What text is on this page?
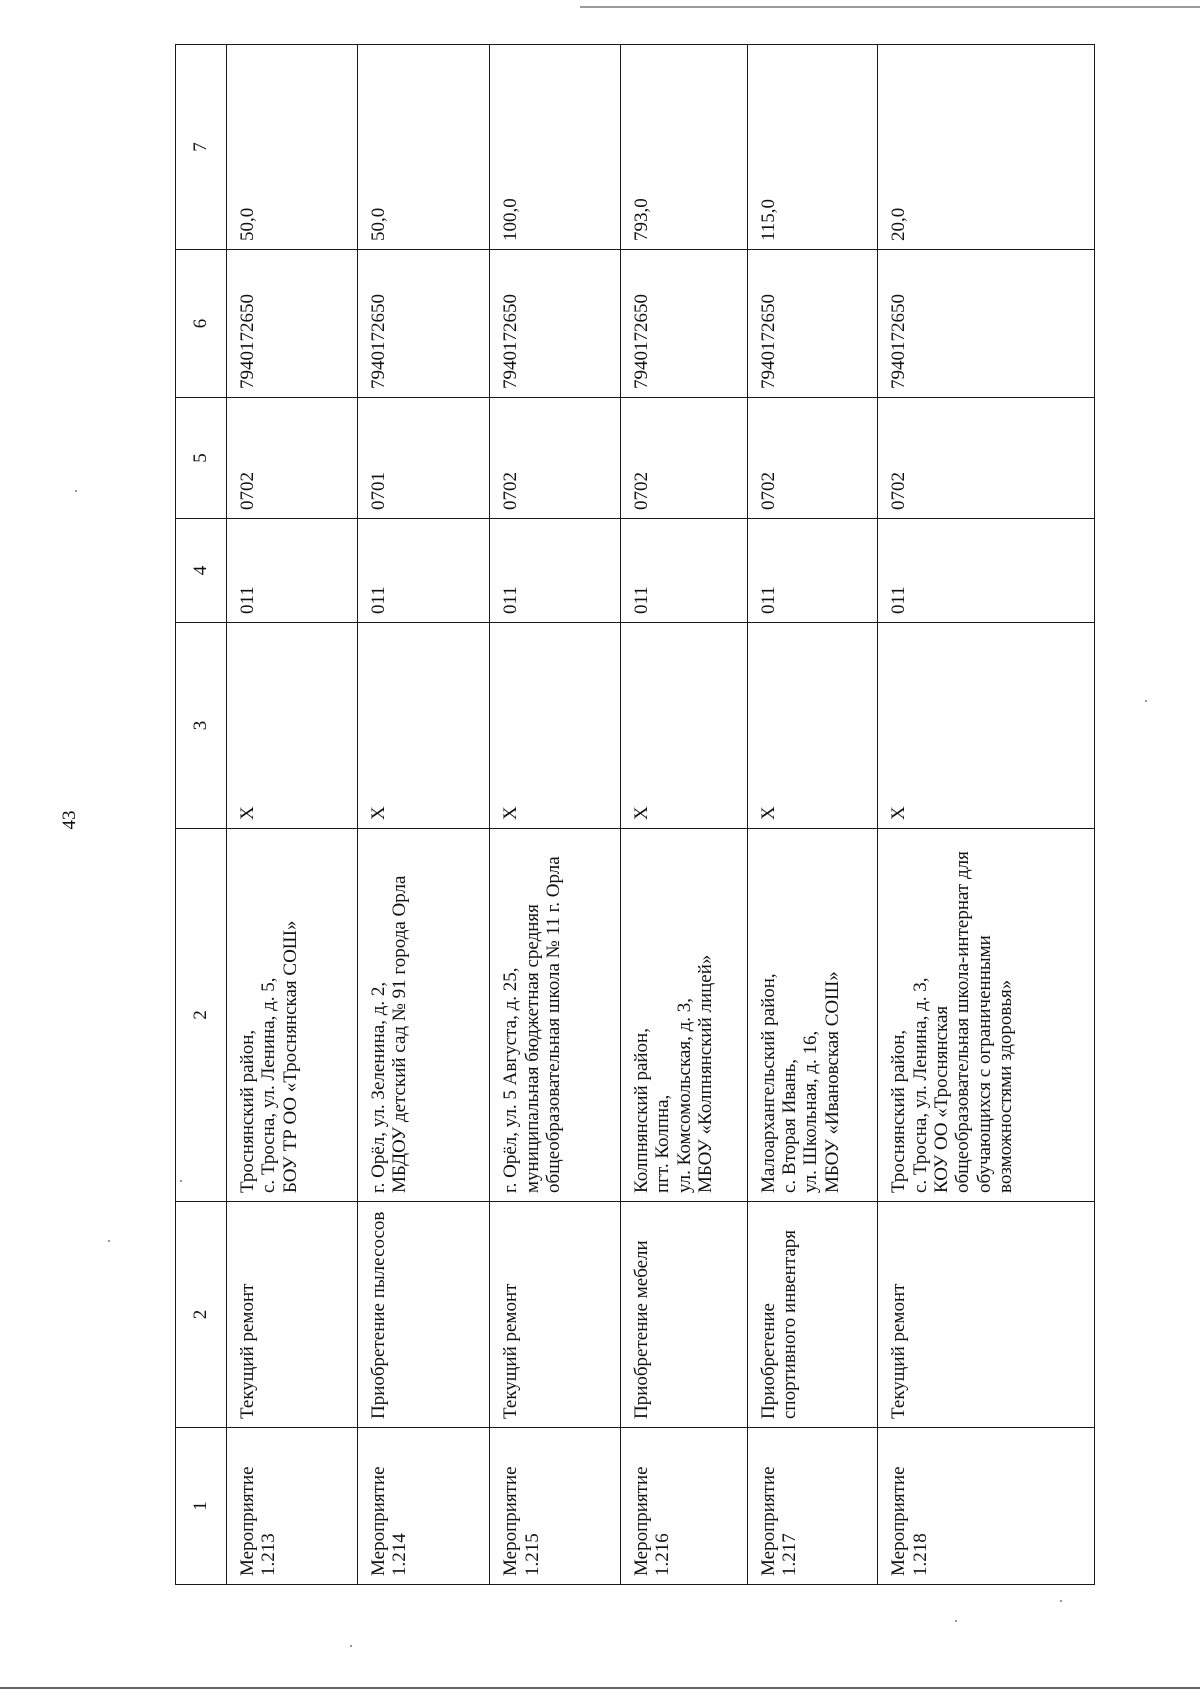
43
1	2	2	3	4	5	6	7
Мероприятие 1.213	Текущий ремонт	Троснянский район,
с. Тросна, ул. Ленина, д. 5,
БОУ ТР ОО «Троснянская СОШ»	Х	011	0702	7940172650	50,0
Мероприятие 1.214	Приобретение пылесосов	г. Орёл, ул. Зеленина, д. 2,
МБДОУ детский сад № 91 города Орла	Х	011	0701	7940172650	50,0
Мероприятие 1.215	Текущий ремонт	г. Орёл, ул. 5 Августа, д. 25,
муниципальная бюджетная средняя общеобразовательная школа № 11 г. Орла	Х	011	0702	7940172650	100,0
Мероприятие 1.216	Приобретение мебели	Колпнянский район,
пгт. Колпна,
ул. Комсомольская, д. 3,
МБОУ «Колпнянский лицей»	Х	011	0702	7940172650	793,0
Мероприятие 1.217	Приобретение спортивного инвентаря	Малоархангельский район,
с. Вторая Ивань,
ул. Школьная, д. 16,
МБОУ «Ивановская СОШ»	Х	011	0702	7940172650	115,0
Мероприятие 1.218	Текущий ремонт	Троснянский район,
с. Тросна, ул. Ленина, д. 3,
КОУ ОО «Троснянская общеобразовательная школа-интернат для обучающихся с ограниченными возможностями здоровья»	Х	011	0702	7940172650	20,0
